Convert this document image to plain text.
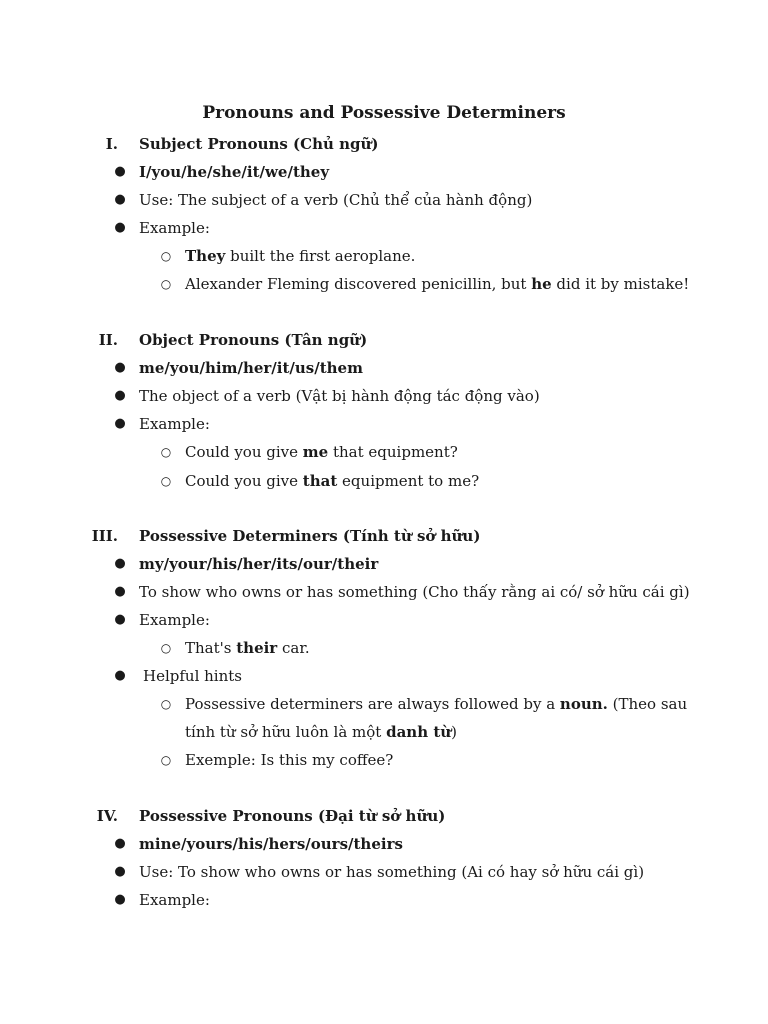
Pronouns and Possessive Determiners
I. Subject Pronouns (Chủ ngữ)
● I/you/he/she/it/we/they
● Use: The subject of a verb (Chủ thể của hành động)
● Example:
○ They built the first aeroplane.
○ Alexander Fleming discovered penicillin, but he did it by mistake!
II. Object Pronouns (Tân ngữ)
● me/you/him/her/it/us/them
● The object of a verb (Vật bị hành động tác động vào)
● Example:
○ Could you give me that equipment?
○ Could you give that equipment to me?
III. Possessive Determiners (Tính từ sở hữu)
● my/your/his/her/its/our/their
● To show who owns or has something (Cho thấy rằng ai có/ sở hữu cái gì)
● Example:
○ That's their car.
● Helpful hints
○ Possessive determiners are always followed by a noun. (Theo sau
tính từ sở hữu luôn là một danh từ)
○ Exemple: Is this my coffee?
IV. Possessive Pronouns (Đại từ sở hữu)
● mine/yours/his/hers/ours/theirs
● Use: To show who owns or has something (Ai có hay sở hữu cái gì)
● Example:
